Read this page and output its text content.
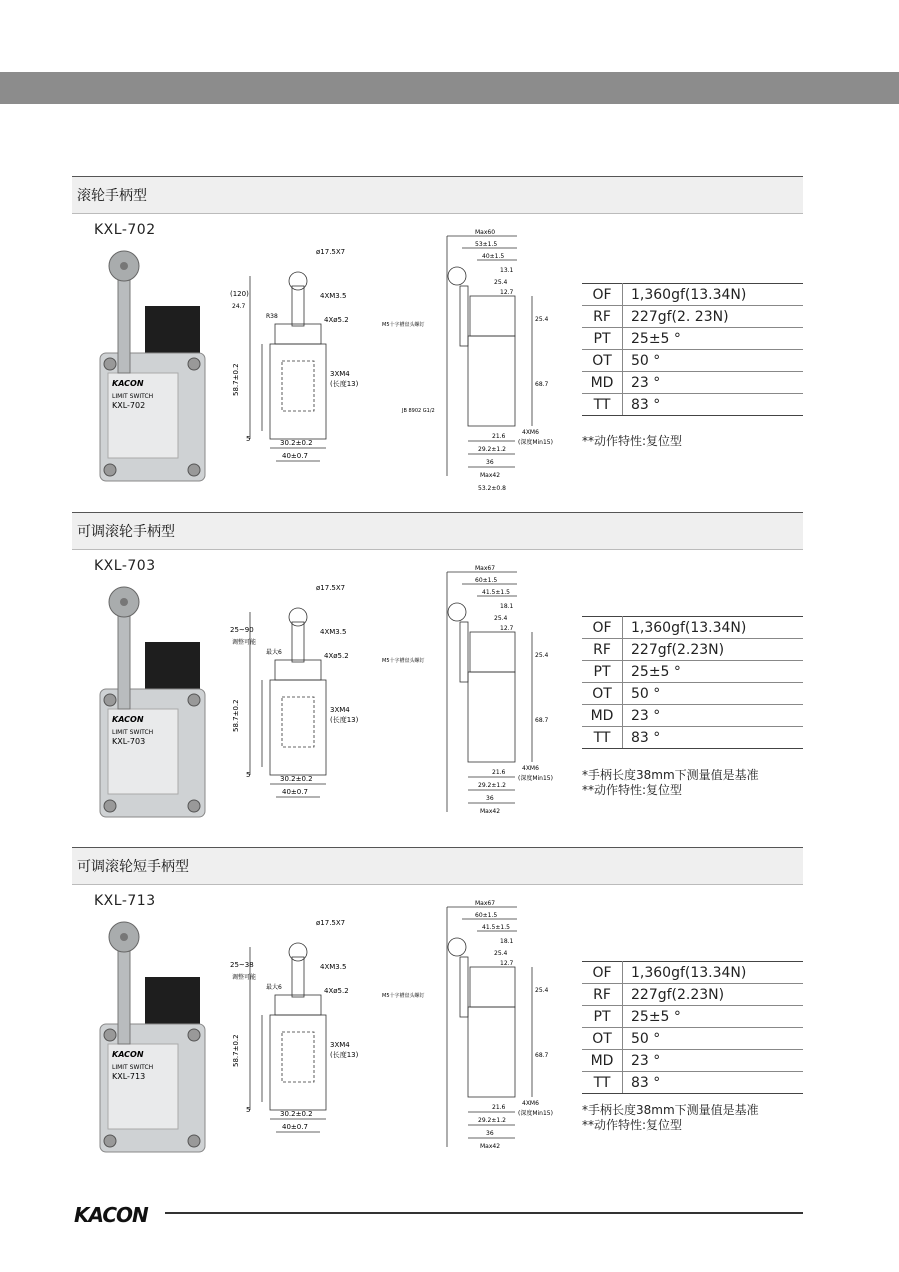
滚轮手柄型
KXL-702
KACON
LIMIT SWITCH
KXL-702
ø17.5X7
4XM3.5
4Xø5.2
3XM4
(长度13)
(120)
24.7
58.7±0.2
5	30.2±0.2
40±0.7
R38
Max60
53±1.5
40±1.5
13.1
25.4
12.7
25.4
68.7
21.6
29.2±1.2
36
Max42
53.2±0.8
4XM6
(深度Min15)
M5十字槽盘头螺钉
JB 8902 G1/2
OF	1,360gf(13.34N)
RF	227gf(2. 23N)
PT	25±5 °
OT	50 °
MD	23 °
TT	83 °
**动作特性:复位型
可调滚轮手柄型
KXL-703
KACON
LIMIT SWITCH
KXL-703
ø17.5X7
4XM3.5
4Xø5.2
3XM4
(长度13)
25~90
调整可能
58.7±0.2
5	30.2±0.2
40±0.7
最大6
Max67
60±1.5
41.5±1.5
18.1
25.4
12.7
25.4
68.7
21.6
29.2±1.2
36
Max42
4XM6
(深度Min15)
M5十字槽盘头螺钉
OF	1,360gf(13.34N)
RF	227gf(2.23N)
PT	25±5 °
OT	50 °
MD	23 °
TT	83 °
*手柄长度38mm下测量值是基准
**动作特性:复位型
可调滚轮短手柄型
KXL-713
KACON
LIMIT SWITCH
KXL-713
ø17.5X7
4XM3.5
4Xø5.2
3XM4
(长度13)
25~38
调整可能
58.7±0.2
5	30.2±0.2
40±0.7
最大6
Max67
60±1.5
41.5±1.5
18.1
25.4
12.7
25.4
68.7
21.6
29.2±1.2
36
Max42
4XM6
(深度Min15)
M5十字槽盘头螺钉
OF	1,360gf(13.34N)
RF	227gf(2.23N)
PT	25±5 °
OT	50 °
MD	23 °
TT	83 °
*手柄长度38mm下测量值是基准
**动作特性:复位型
KACON
